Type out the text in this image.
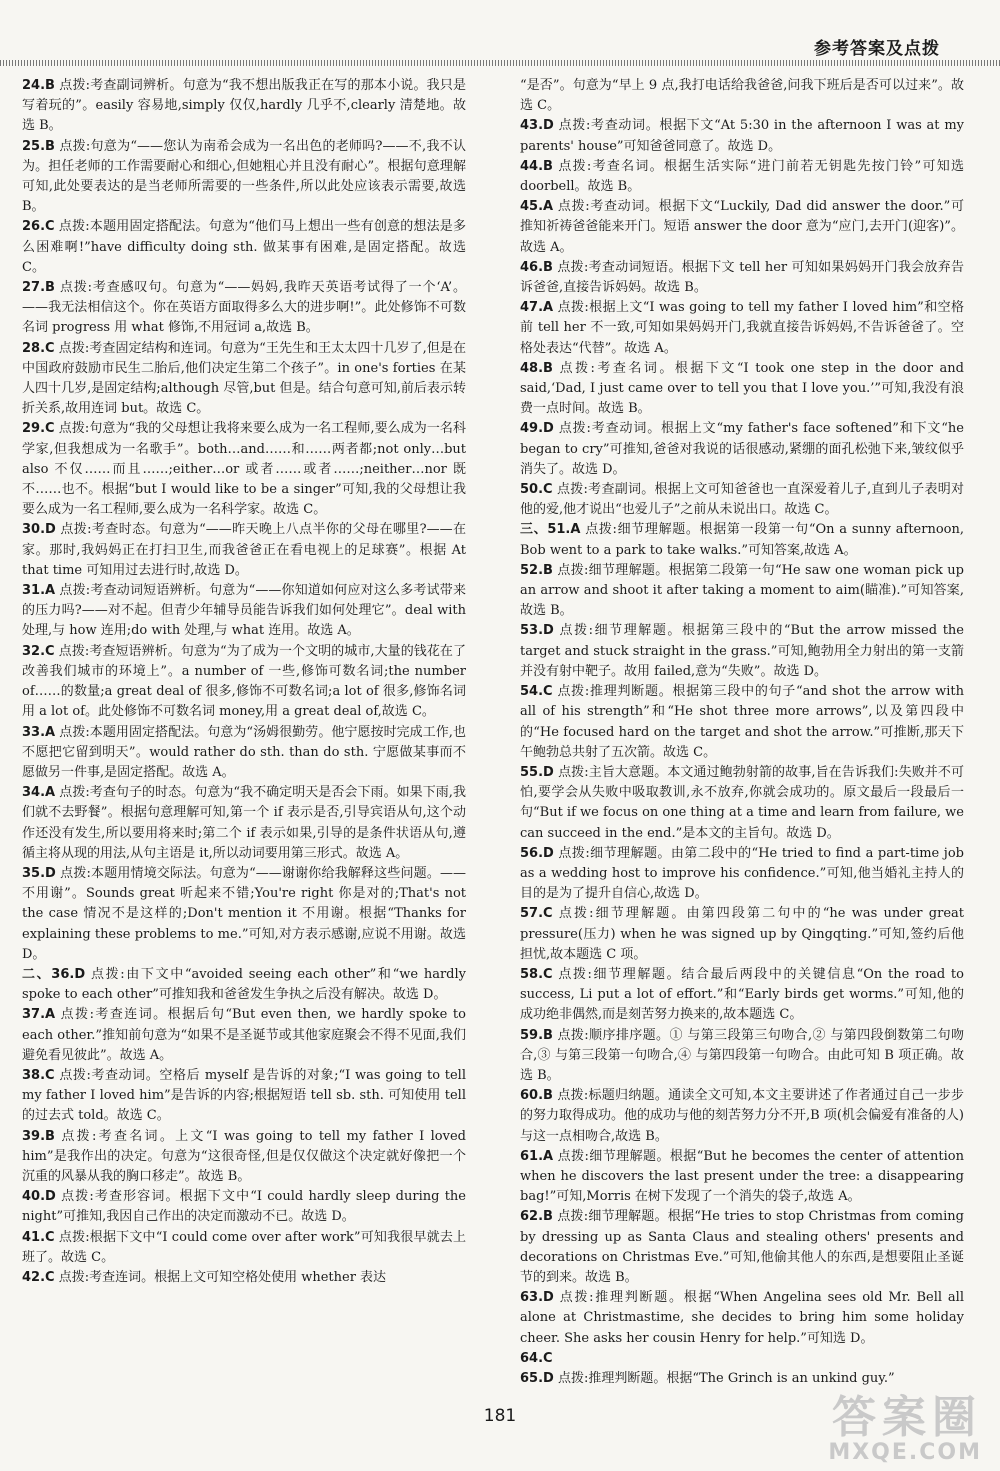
参考答案及点拨

24.B 点拨:考查副词辨析。句意为“我不想出版我正在写的那本小说。我只是写着玩的”。easily 容易地,simply 仅仅,hardly 几乎不,clearly 清楚地。故选 B。

25.B 点拨:句意为“——您认为南希会成为一名出色的老师吗?——不,我不认为。担任老师的工作需要耐心和细心,但她粗心并且没有耐心”。根据句意理解可知,此处要表达的是当老师所需要的一些条件,所以此处应该表示需要,故选 B。

26.C 点拨:本题用固定搭配法。句意为“他们马上想出一些有创意的想法是多么困难啊!”have difficulty doing sth. 做某事有困难,是固定搭配。故选 C。

27.B 点拨:考查感叹句。句意为“——妈妈,我昨天英语考试得了一个‘A’。——我无法相信这个。你在英语方面取得多么大的进步啊!”。此处修饰不可数名词 progress 用 what 修饰,不用冠词 a,故选 B。

28.C 点拨:考查固定结构和连词。句意为“王先生和王太太四十几岁了,但是在中国政府鼓励市民生二胎后,他们决定生第二个孩子”。in one's forties 在某人四十几岁,是固定结构;although 尽管,but 但是。结合句意可知,前后表示转折关系,故用连词 but。故选 C。

29.C 点拨:句意为“我的父母想让我将来要么成为一名工程师,要么成为一名科学家,但我想成为一名歌手”。both…and……和……两者都;not only…but also 不仅……而且……;either…or 或者……或者……;neither…nor 既不……也不。根据“but I would like to be a singer”可知,我的父母想让我要么成为一名工程师,要么成为一名科学家。故选 C。

30.D 点拨:考查时态。句意为“——昨天晚上八点半你的父母在哪里?——在家。那时,我妈妈正在打扫卫生,而我爸爸正在看电视上的足球赛”。根据 At that time 可知用过去进行时,故选 D。

31.A 点拨:考查动词短语辨析。句意为“——你知道如何应对这么多考试带来的压力吗?——对不起。但青少年辅导员能告诉我们如何处理它”。deal with 处理,与 how 连用;do with 处理,与 what 连用。故选 A。

32.C 点拨:考查短语辨析。句意为“为了成为一个文明的城市,大量的钱花在了改善我们城市的环境上”。a number of 一些,修饰可数名词;the number of……的数量;a great deal of 很多,修饰不可数名词;a lot of 很多,修饰名词用 a lot of。此处修饰不可数名词 money,用 a great deal of,故选 C。

33.A 点拨:本题用固定搭配法。句意为“汤姆很勤劳。他宁愿按时完成工作,也不愿把它留到明天”。would rather do sth. than do sth. 宁愿做某事而不愿做另一件事,是固定搭配。故选 A。

34.A 点拨:考查句子的时态。句意为“我不确定明天是否会下雨。如果下雨,我们就不去野餐”。根据句意理解可知,第一个 if 表示是否,引导宾语从句,这个动作还没有发生,所以要用将来时;第二个 if 表示如果,引导的是条件状语从句,遵循主将从现的用法,从句主语是 it,所以动词要用第三形式。故选 A。

35.D 点拨:本题用情境交际法。句意为“——谢谢你给我解释这些问题。——不用谢”。Sounds great 听起来不错;You're right 你是对的;That's not the case 情况不是这样的;Don't mention it 不用谢。根据“Thanks for explaining these problems to me.”可知,对方表示感谢,应说不用谢。故选 D。

二、36.D 点拨:由下文中“avoided seeing each other”和“we hardly spoke to each other”可推知我和爸爸发生争执之后没有解决。故选 D。

37.A 点拨:考查连词。根据后句“But even then, we hardly spoke to each other.”推知前句意为“如果不是圣诞节或其他家庭聚会不得不见面,我们避免看见彼此”。故选 A。

38.C 点拨:考查动词。空格后 myself 是告诉的对象;“I was going to tell my father I loved him”是告诉的内容;根据短语 tell sb. sth. 可知使用 tell 的过去式 told。故选 C。

39.B 点拨:考查名词。上文“I was going to tell my father I loved him”是我作出的决定。句意为“这很奇怪,但是仅仅做这个决定就好像把一个沉重的风暴从我的胸口移走”。故选 B。

40.D 点拨:考查形容词。根据下文中“I could hardly sleep during the night”可推知,我因自己作出的决定而激动不已。故选 D。

41.C 点拨:根据下文中“I could come over after work”可知我很早就去上班了。故选 C。

42.C 点拨:考查连词。根据上文可知空格处使用 whether 表达

“是否”。句意为“早上 9 点,我打电话给我爸爸,问我下班后是否可以过来”。故选 C。

43.D 点拨:考查动词。根据下文“At 5:30 in the afternoon I was at my parents' house”可知爸爸同意了。故选 D。

44.B 点拨:考查名词。根据生活实际“进门前若无钥匙先按门铃”可知选 doorbell。故选 B。

45.A 点拨:考查动词。根据下文“Luckily, Dad did answer the door.”可推知祈祷爸爸能来开门。短语 answer the door 意为“应门,去开门(迎客)”。故选 A。

46.B 点拨:考查动词短语。根据下文 tell her 可知如果妈妈开门我会放弃告诉爸爸,直接告诉妈妈。故选 B。

47.A 点拨:根据上文“I was going to tell my father I loved him”和空格前 tell her 不一致,可知如果妈妈开门,我就直接告诉妈妈,不告诉爸爸了。空格处表达“代替”。故选 A。

48.B 点拨:考查名词。根据下文“I took one step in the door and said,‘Dad, I just came over to tell you that I love you.’”可知,我没有浪费一点时间。故选 B。

49.D 点拨:考查动词。根据上文“my father's face softened”和下文“he began to cry”可推知,爸爸对我说的话很感动,紧绷的面孔松弛下来,皱纹似乎消失了。故选 D。

50.C 点拨:考查副词。根据上文可知爸爸也一直深爱着儿子,直到儿子表明对他的爱,他才说出“也爱儿子”之前从未说出口。故选 C。

三、51.A 点拨:细节理解题。根据第一段第一句“On a sunny afternoon, Bob went to a park to take walks.”可知答案,故选 A。

52.B 点拨:细节理解题。根据第二段第一句“He saw one woman pick up an arrow and shoot it after taking a moment to aim(瞄准).”可知答案,故选 B。

53.D 点拨:细节理解题。根据第三段中的“But the arrow missed the target and stuck straight in the grass.”可知,鲍勃用全力射出的第一支箭并没有射中靶子。故用 failed,意为“失败”。故选 D。

54.C 点拨:推理判断题。根据第三段中的句子“and shot the arrow with all of his strength”和“He shot three more arrows”,以及第四段中的“He focused hard on the target and shot the arrow.”可推断,那天下午鲍勃总共射了五次箭。故选 C。

55.D 点拨:主旨大意题。本文通过鲍勃射箭的故事,旨在告诉我们:失败并不可怕,要学会从失败中吸取教训,永不放弃,你就会成功的。原文最后一段最后一句“But if we focus on one thing at a time and learn from failure, we can succeed in the end.”是本文的主旨句。故选 D。

56.D 点拨:细节理解题。由第二段中的“He tried to find a part-time job as a wedding host to improve his confidence.”可知,他当婚礼主持人的目的是为了提升自信心,故选 D。

57.C 点拨:细节理解题。由第四段第二句中的“he was under great pressure(压力) when he was signed up by Qingqting.”可知,签约后他担忧,故本题选 C 项。

58.C 点拨:细节理解题。结合最后两段中的关键信息“On the road to success, Li put a lot of effort.”和“Early birds get worms.”可知,他的成功绝非偶然,而是刻苦努力换来的,故本题选 C。

59.B 点拨:顺序排序题。① 与第三段第三句吻合,② 与第四段倒数第二句吻合,③ 与第三段第一句吻合,④ 与第四段第一句吻合。由此可知 B 项正确。故选 B。

60.B 点拨:标题归纳题。通读全文可知,本文主要讲述了作者通过自己一步步的努力取得成功。他的成功与他的刻苦努力分不开,B 项(机会偏爱有准备的人)与这一点相吻合,故选 B。

61.A 点拨:细节理解题。根据“But he becomes the center of attention when he discovers the last present under the tree: a disappearing bag!”可知,Morris 在树下发现了一个消失的袋子,故选 A。

62.B 点拨:细节理解题。根据“He tries to stop Christmas from coming by dressing up as Santa Claus and stealing others' presents and decorations on Christmas Eve.”可知,他偷其他人的东西,是想要阻止圣诞节的到来。故选 B。

63.D 点拨:推理判断题。根据“When Angelina sees old Mr. Bell all alone at Christmastime, she decides to bring him some holiday cheer. She asks her cousin Henry for help.”可知选 D。

64.C

65.D 点拨:推理判断题。根据“The Grinch is an unkind guy.”

181	答案圈
MXQE.COM
